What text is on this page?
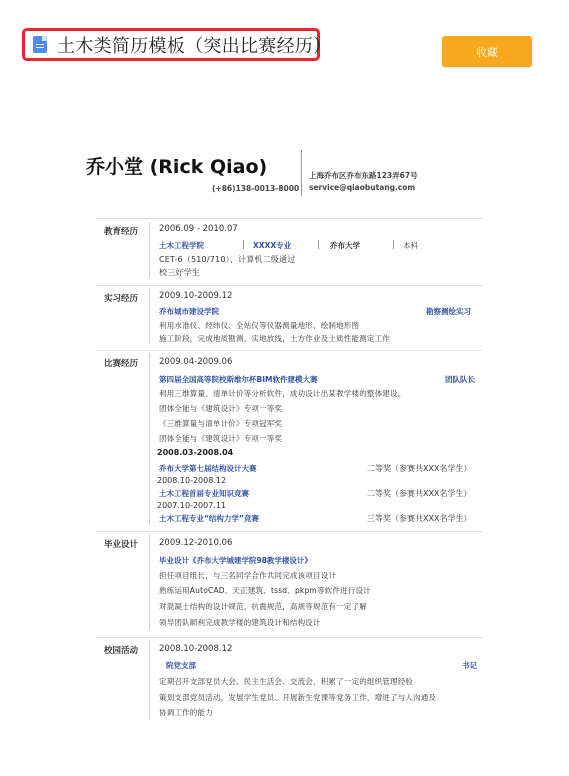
土木类简历模板（突出比赛经历）	收藏
乔小堂 (Rick Qiao)
(+86)138-0013-8000
上海乔布区乔布东路123弄67号
service@qiaobutang.com
教育经历 2006.09 - 2010.07
土木工程学院	XXXX专业	乔布大学	本科
CET-6（510/710）、计算机二级通过
校三好学生
实习经历 2009.10-2009.12
乔布城市建设学院	勘察测绘实习
利用水准仪、经纬仪、全站仪等仪器测量地形、绘制地形图
施工阶段，完成地质勘测，实地放线，土方作业及土质性能测定工作
比赛经历 2009.04-2009.06
第四届全国高等院校斯维尔杯BIM软件建模大赛	团队队长
利用三维算量、清单计价等分析软件，成功设计出某教学楼的整体建设。
团体全能与《建筑设计》专项一等奖
《三维算量与清单计价》专项冠军奖
团体全能与《建筑设计》专项一等奖
2008.03-2008.04
乔布大学第七届结构设计大赛	二等奖（参赛共XXX名学生）
2008.10-2008.12
土木工程首届专业知识竞赛	二等奖（参赛共XXX名学生）
2007.10-2007.11
土木工程专业“结构力学”竞赛	三等奖（参赛共XXX名学生）
毕业设计 2009.12-2010.06
毕业设计《乔布大学城建学院98教学楼设计》
担任项目组长，与三名同学合作共同完成该项目设计
熟练运用AutoCAD、天正建筑、tssd、pkpm等软件进行设计
对混凝土结构的设计规范，抗震规范，高规等规范有一定了解
领导团队顺利完成教学楼的建筑设计和结构设计
校园活动 2008.10-2008.12
院党支部	书记
定期召开支部党员大会、民主生活会、交流会，积累了一定的组织管理经验
策划支部党员活动，发展学生党员、开展新生党课等党务工作，增进了与人沟通及
协调工作的能力
